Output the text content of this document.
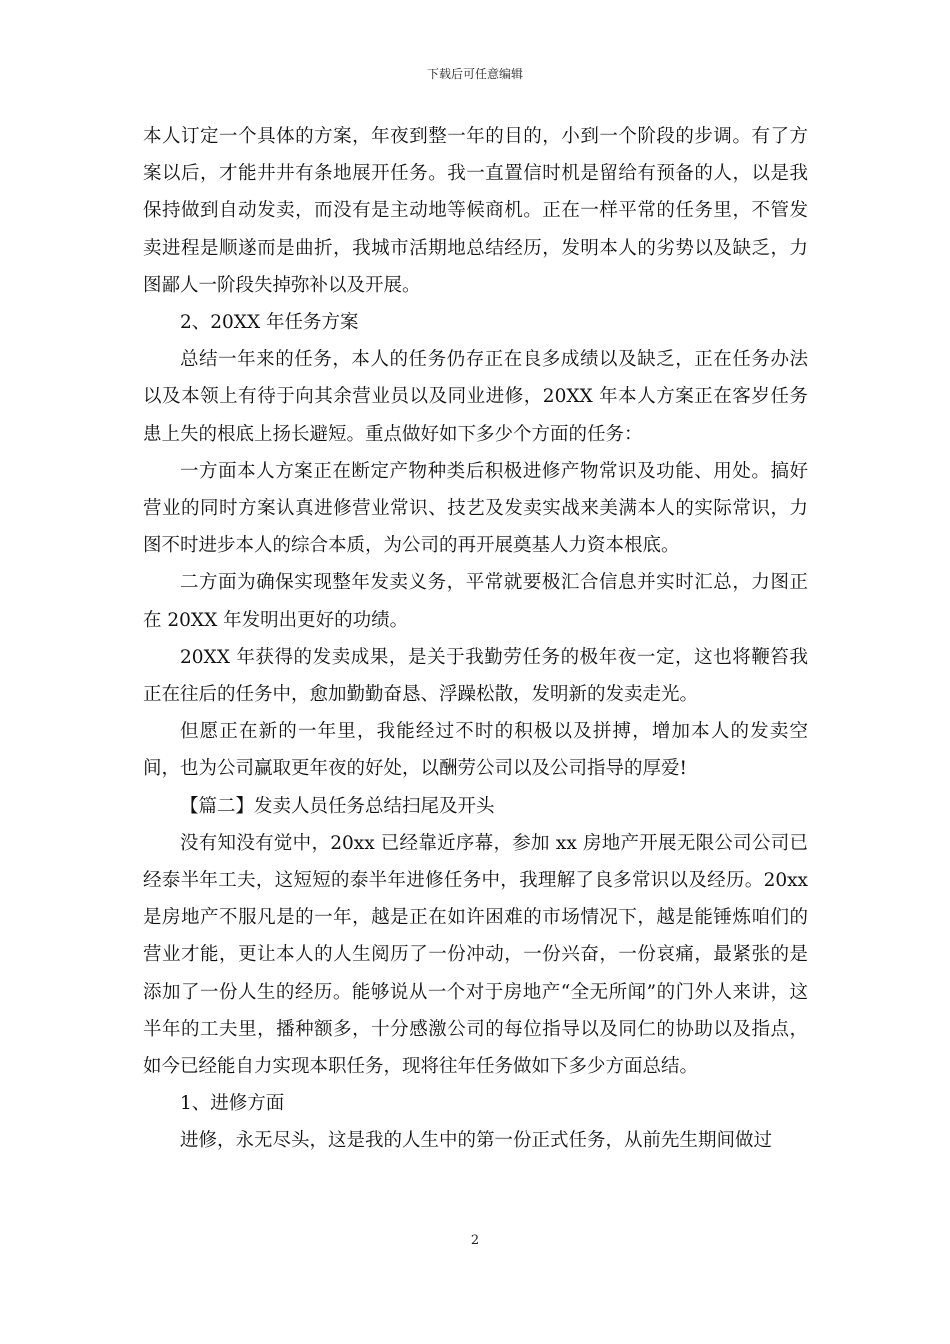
下载后可任意编辑

本人订定一个具体的方案，年夜到整一年的目的，小到一个阶段的步调。有了方案以后，才能井井有条地展开任务。我一直置信时机是留给有预备的人，以是我保持做到自动发卖，而没有是主动地等候商机。正在一样平常的任务里，不管发卖进程是顺遂而是曲折，我城市活期地总结经历，发明本人的劣势以及缺乏，力图鄙人一阶段失掉弥补以及开展。

2、20XX 年任务方案

总结一年来的任务，本人的任务仍存正在良多成绩以及缺乏，正在任务办法以及本领上有待于向其余营业员以及同业进修，20XX 年本人方案正在客岁任务患上失的根底上扬长避短。重点做好如下多少个方面的任务：

一方面本人方案正在断定产物种类后积极进修产物常识及功能、用处。搞好营业的同时方案认真进修营业常识、技艺及发卖实战来美满本人的实际常识，力图不时进步本人的综合本质，为公司的再开展奠基人力资本根底。

二方面为确保实现整年发卖义务，平常就要极汇合信息并实时汇总，力图正在 20XX 年发明出更好的功绩。

20XX 年获得的发卖成果，是关于我勤劳任务的极年夜一定，这也将鞭笞我正在往后的任务中，愈加勤勤奋恳、浮躁松散，发明新的发卖走光。

但愿正在新的一年里，我能经过不时的积极以及拼搏，增加本人的发卖空间，也为公司赢取更年夜的好处，以酬劳公司以及公司指导的厚爱!

【篇二】发卖人员任务总结扫尾及开头

没有知没有觉中，20xx 已经靠近序幕，参加 xx 房地产开展无限公司公司已经泰半年工夫，这短短的泰半年进修任务中，我理解了良多常识以及经历。20xx 是房地产不服凡是的一年，越是正在如许困难的市场情况下，越是能锤炼咱们的营业才能，更让本人的人生阅历了一份冲动，一份兴奋，一份哀痛，最紧张的是添加了一份人生的经历。能够说从一个对于房地产“全无所闻”的门外人来讲，这半年的工夫里，播种额多，十分感激公司的每位指导以及同仁的协助以及指点，如今已经能自力实现本职任务，现将往年任务做如下多少方面总结。

1、进修方面

进修，永无尽头，这是我的人生中的第一份正式任务，从前先生期间做过

2
